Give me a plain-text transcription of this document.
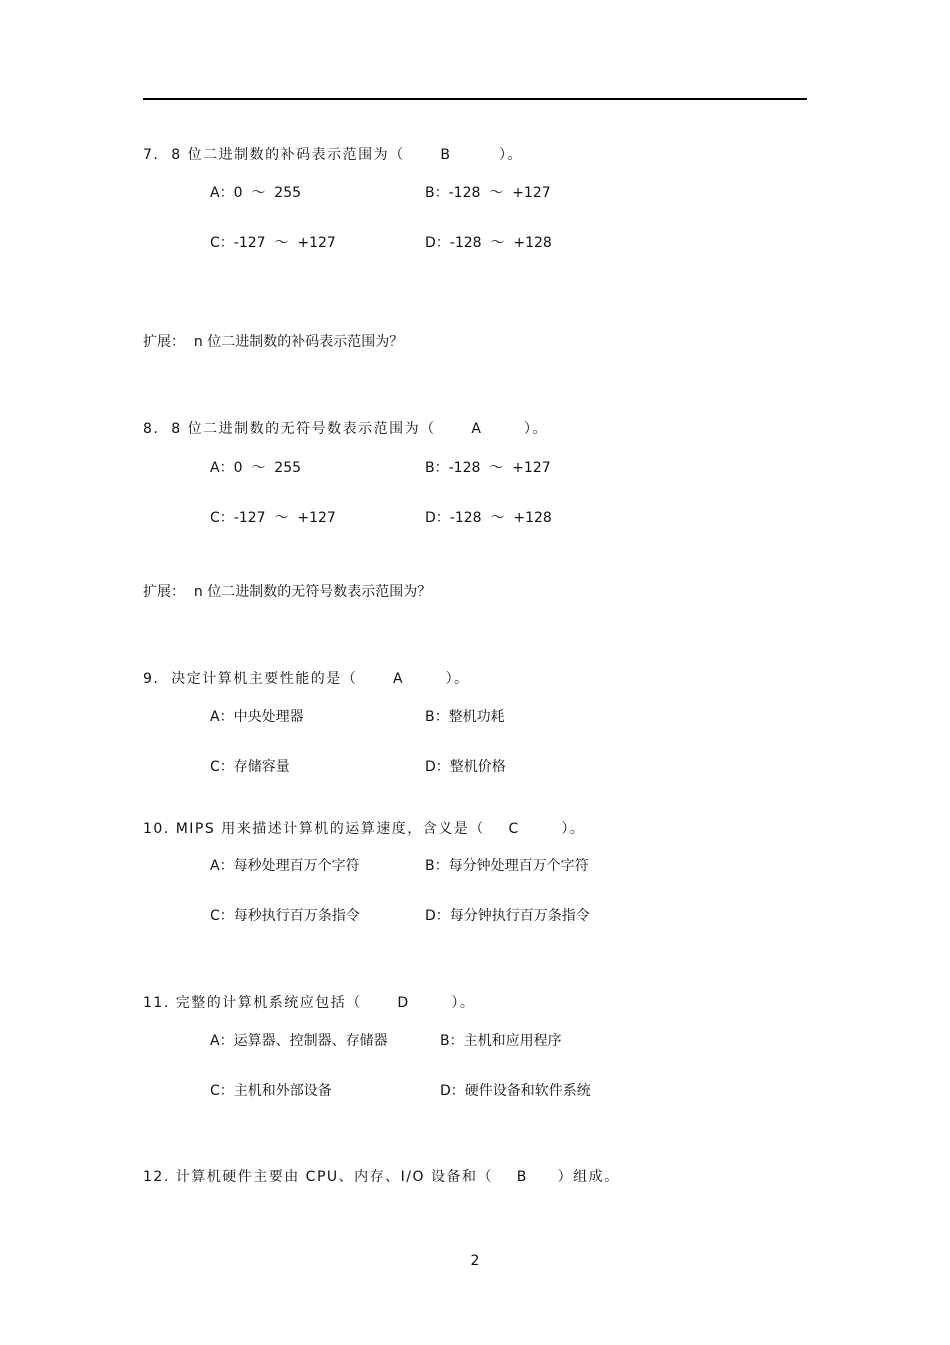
7.  8 位二进制数的补码表示范围为（      B        ）。
A：0  ～  255	B：-128  ～  +127
C：-127  ～  +127	D：-128  ～  +128
扩展：  n 位二进制数的补码表示范围为？
8.  8 位二进制数的无符号数表示范围为（      A       ）。
A：0  ～  255	B：-128  ～  +127
C：-127  ～  +127	D：-128  ～  +128
扩展：  n 位二进制数的无符号数表示范围为？
9.  决定计算机主要性能的是（      A       ）。
A：中央处理器	B：整机功耗
C：存储容量	D：整机价格
10. MIPS 用来描述计算机的运算速度，含义是（    C       ）。
A：每秒处理百万个字符	B：每分钟处理百万个字符
C：每秒执行百万条指令	D：每分钟执行百万条指令
11. 完整的计算机系统应包括（      D       ）。
A：运算器、控制器、存储器	B：主机和应用程序
C：主机和外部设备	D：硬件设备和软件系统
12. 计算机硬件主要由 CPU、内存、I/O 设备和（    B     ）组成。
2
